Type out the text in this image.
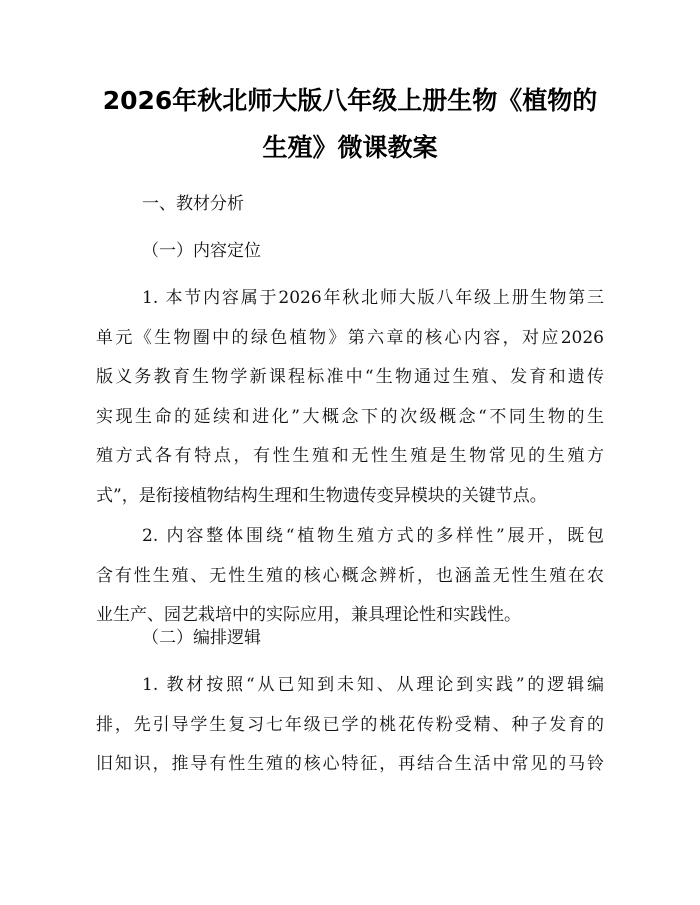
2026年秋北师大版八年级上册生物《植物的
生殖》微课教案
一、教材分析
（一）内容定位
1. 本节内容属于2026年秋北师大版八年级上册生物第三
单元《生物圈中的绿色植物》第六章的核心内容，对应2026
版义务教育生物学新课程标准中“生物通过生殖、发育和遗传
实现生命的延续和进化”大概念下的次级概念“不同生物的生
殖方式各有特点，有性生殖和无性生殖是生物常见的生殖方
式”，是衔接植物结构生理和生物遗传变异模块的关键节点。
2. 内容整体围绕“植物生殖方式的多样性”展开，既包
含有性生殖、无性生殖的核心概念辨析，也涵盖无性生殖在农
业生产、园艺栽培中的实际应用，兼具理论性和实践性。
（二）编排逻辑
1. 教材按照“从已知到未知、从理论到实践”的逻辑编
排，先引导学生复习七年级已学的桃花传粉受精、种子发育的
旧知识，推导有性生殖的核心特征，再结合生活中常见的马铃
